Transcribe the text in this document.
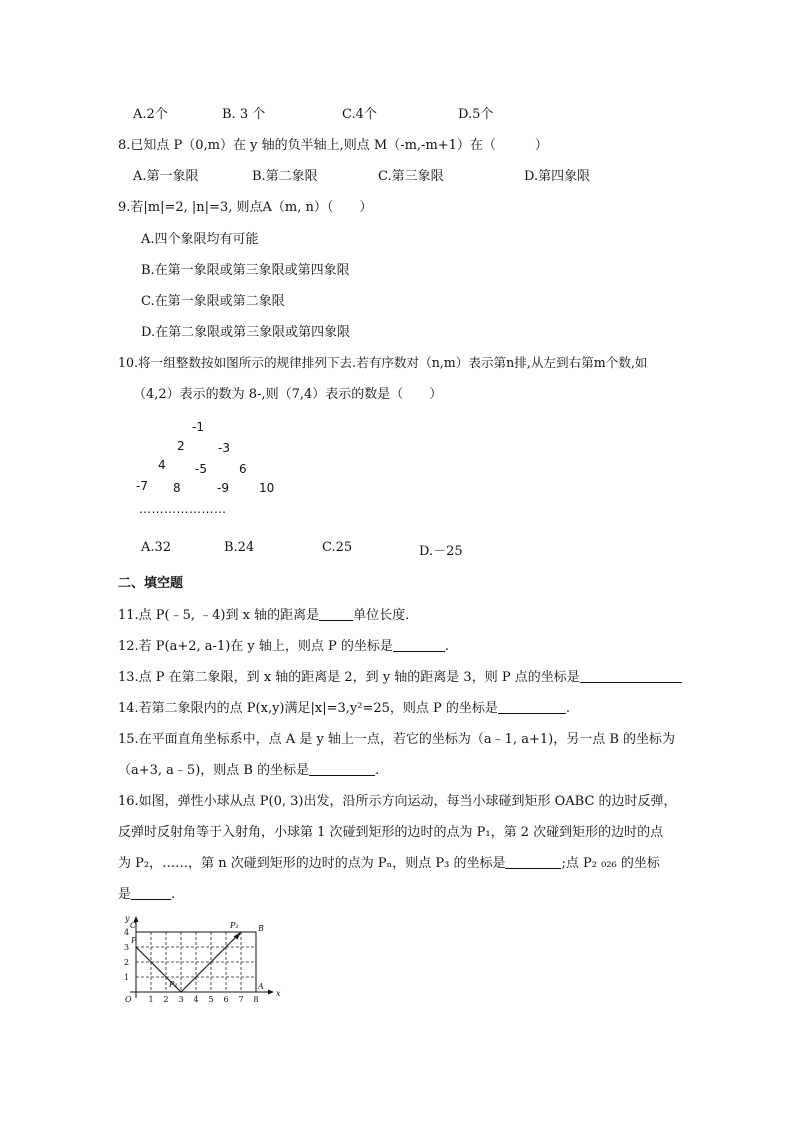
A.2个	B. 3 个	C.4个	D.5个
8.已知点 P（0,m）在 y 轴的负半轴上,则点 M（-m,-m+1）在（　　　）
A.第一象限	B.第二象限	C.第三象限	D.第四象限
9.若|m|=2, |n|=3, 则点A（m, n）（　　）
A.四个象限均有可能
B.在第一象限或第三象限或第四象限
C.在第一象限或第二象限
D.在第二象限或第三象限或第四象限
10.将一组整数按如图所示的规律排列下去.若有序数对（n,m）表示第n排,从左到右第m个数,如
（4,2）表示的数为 8-,则（7,4）表示的数是（　　）
-1
2	-3
4 -5	6
-7 8	-9	10
…………………
A.32	B.24	C.25	D.－25
二、填空题
11.点 P(﹣5, ﹣4)到 x 轴的距离是	单位长度.
12.若 P(a+2, a-1)在 y 轴上，则点 P 的坐标是	.
13.点 P 在第二象限，到 x 轴的距离是 2，到 y 轴的距离是 3，则 P 点的坐标是
14.若第二象限内的点 P(x,y)满足|x|=3,y²=25，则点 P 的坐标是	.
15.在平面直角坐标系中，点 A 是 y 轴上一点，若它的坐标为（a﹣1, a+1)，另一点 B 的坐标为
（a+3, a﹣5)，则点 B 的坐标是	.
16.如图，弹性小球从点 P(0, 3)出发，沿所示方向运动，每当小球碰到矩形 OABC 的边时反弹，
反弹时反射角等于入射角，小球第 1 次碰到矩形的边时的点为 P₁，第 2 次碰到矩形的边时的点
为 P₂，……，第 n 次碰到矩形的边时的点为 Pₙ，则点 P₃ 的坐标是	;点 P₂ ₀₂₆ 的坐标
是	.
1 2 3 4 5 6 7 8
1
2
3
4
x
y
O
A
B
C
P
P₁
P₂
